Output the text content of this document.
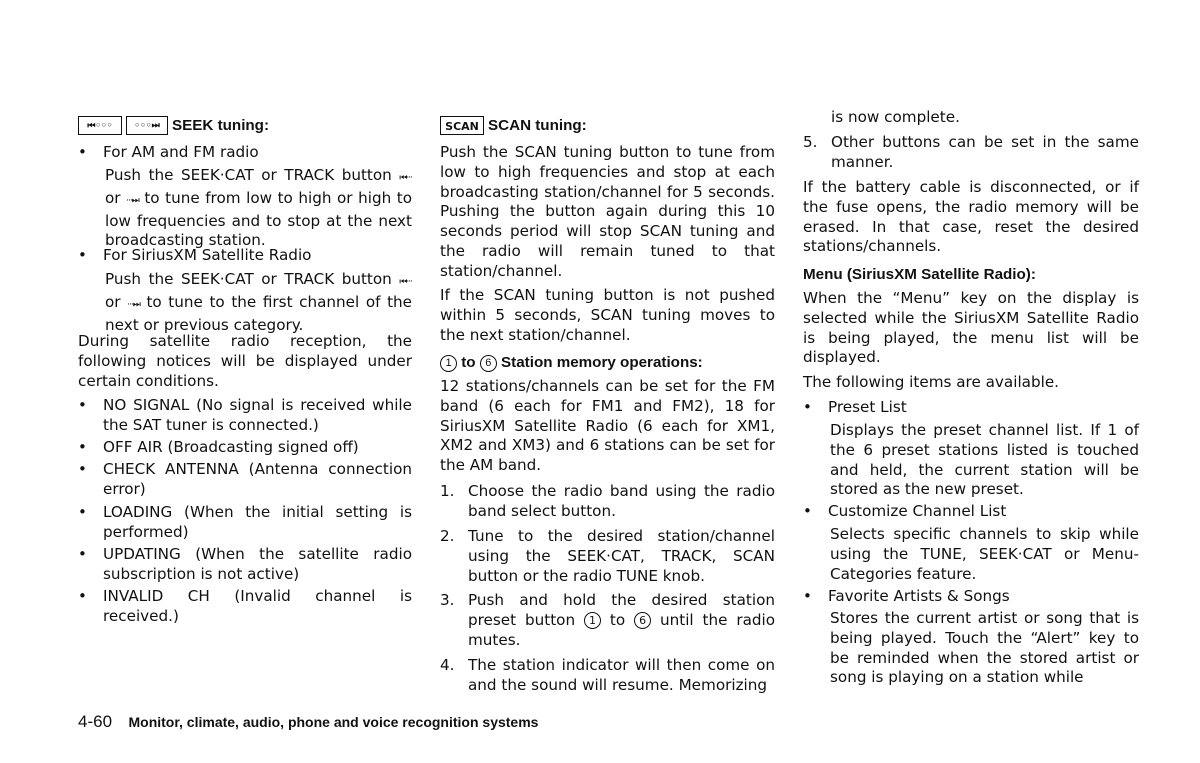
⏮◦◦◦ ◦◦◦⏭ SEEK tuning:
• For AM and FM radio
Push the SEEK·CAT or TRACK button ⏮··· or ···⏭ to tune from low to high or high to low frequencies and to stop at the next broadcasting station.
• For SiriusXM Satellite Radio
Push the SEEK·CAT or TRACK button ⏮··· or ···⏭ to tune to the first channel of the next or previous category.
During satellite radio reception, the following notices will be displayed under certain conditions.
• NO SIGNAL (No signal is received while the SAT tuner is connected.)
• OFF AIR (Broadcasting signed off)
• CHECK ANTENNA (Antenna connection error)
• LOADING (When the initial setting is performed)
• UPDATING (When the satellite radio subscription is not active)
• INVALID CH (Invalid channel is received.)
SCAN SCAN tuning:
Push the SCAN tuning button to tune from low to high frequencies and stop at each broadcasting station/channel for 5 seconds. Pushing the button again during this 10 seconds period will stop SCAN tuning and the radio will remain tuned to that station/channel.
If the SCAN tuning button is not pushed within 5 seconds, SCAN tuning moves to the next station/channel.
1 to 6 Station memory operations:
12 stations/channels can be set for the FM band (6 each for FM1 and FM2), 18 for SiriusXM Satellite Radio (6 each for XM1, XM2 and XM3) and 6 stations can be set for the AM band.
1. Choose the radio band using the radio band select button.
2. Tune to the desired station/channel using the SEEK·CAT, TRACK, SCAN button or the radio TUNE knob.
3. Push and hold the desired station preset button 1 to 6 until the radio mutes.
4. The station indicator will then come on and the sound will resume. Memorizing
is now complete.
5. Other buttons can be set in the same manner.
If the battery cable is disconnected, or if the fuse opens, the radio memory will be erased. In that case, reset the desired stations/channels.
Menu (SiriusXM Satellite Radio):
When the “Menu” key on the display is selected while the SiriusXM Satellite Radio is being played, the menu list will be displayed.
The following items are available.
• Preset List
Displays the preset channel list. If 1 of the 6 preset stations listed is touched and held, the current station will be stored as the new preset.
• Customize Channel List
Selects specific channels to skip while using the TUNE, SEEK·CAT or Menu-Categories feature.
• Favorite Artists & Songs
Stores the current artist or song that is being played. Touch the “Alert” key to be reminded when the stored artist or song is playing on a station while
4-60 Monitor, climate, audio, phone and voice recognition systems
